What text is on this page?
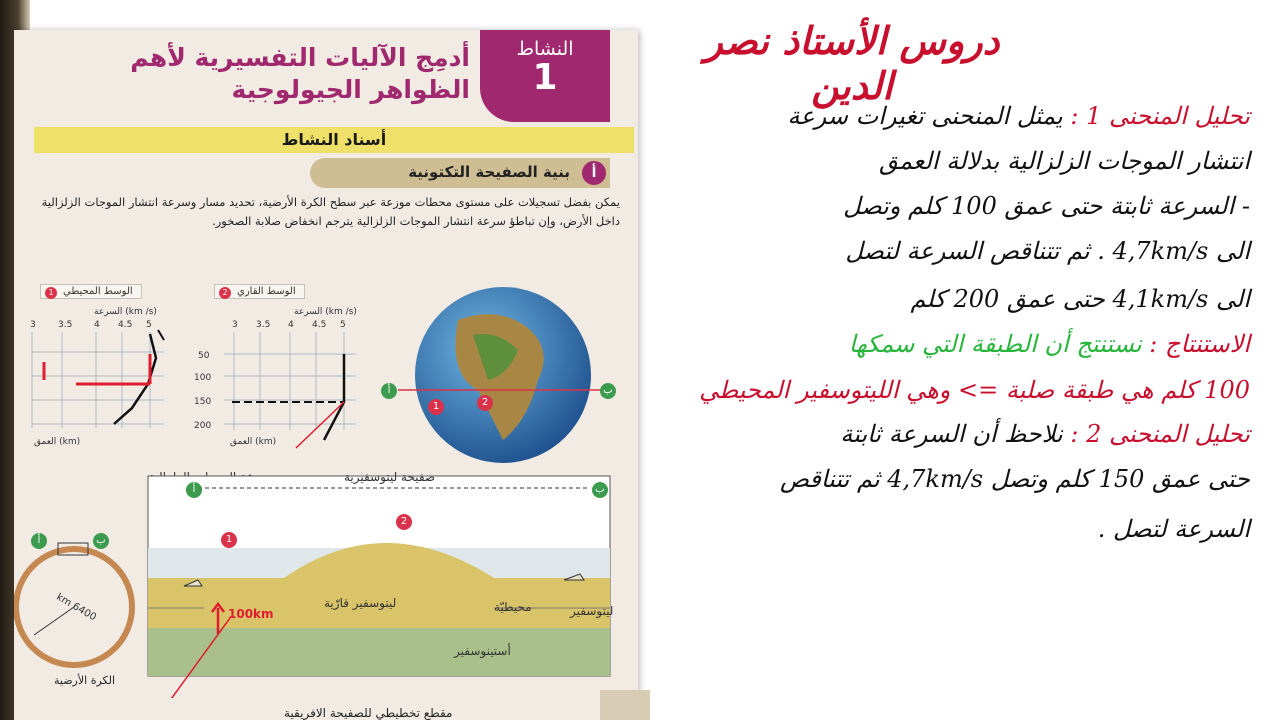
النشاط
1
أدمِج الآليات التفسيرية لأهم الظواهر الجيولوجية
أسناد النشاط
أ
بنية الصفيحة التكتونية
يمكن بفضل تسجيلات على مستوى محطات موزعة عبر سطح الكرة الأرضية، تحديد مسار وسرعة انتشار الموجات الزلزالية داخل الأرض، وإن تباطؤ سرعة انتشار الموجات الزلزالية يترجم انخفاض صلابة الصخور.
1 الوسط المحيطي
السرعة (km /s)
3 3.5 4 4.5 5
العمق (km)
2 الوسط القاري
السرعة (km /s)
3 3.5 4 4.5 5
50
100
150
200
العمق (km)
أ	ب
1	2
100km
صفيحة ليتوسفيرية
ليتوسفير قارّية	محيطيّة	ليتوسفير
أستينوسفير
1
2
أ	ب
أ	ب
6400 km
الكرة الأرضية
مقطع تخطيطي للصفيحة الافريقية
دروس الأستاذ نصر الدين
تحليل المنحنى 1 : يمثل المنحنى تغيرات سرعة
انتشار الموجات الزلزالية بدلالة العمق
- السرعة ثابتة حتى عمق 100 كلم وتصل
الى 4,7km/s . ثم تتناقص السرعة لتصل
الى 4,1km/s حتى عمق 200 كلم
الاستنتاج : نستنتج أن الطبقة التي سمكها
100 كلم هي طبقة صلبة => وهي الليتوسفير المحيطي
تحليل المنحنى 2 : نلاحظ أن السرعة ثابتة
حتى عمق 150 كلم وتصل 4,7km/s ثم تتناقص
السرعة لتصل .
